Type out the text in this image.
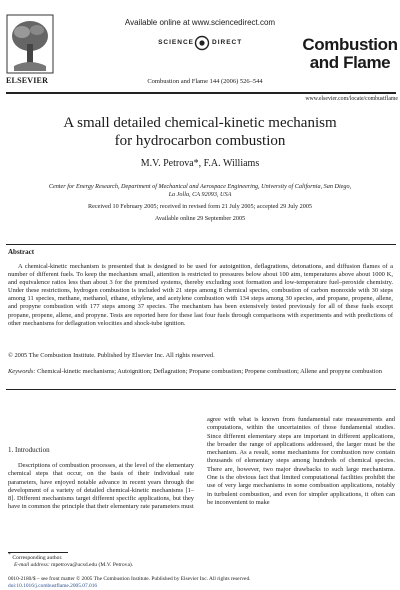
ELSEVIER
Available online at www.sciencedirect.com
SCIENCE	DIRECT
Combustion and Flame 144 (2006) 526–544
Combustion
and Flame
www.elsevier.com/locate/combustflame
A small detailed chemical-kinetic mechanism
for hydrocarbon combustion
M.V. Petrova*, F.A. Williams
Center for Energy Research, Department of Mechanical and Aerospace Engineering, University of California, San Diego,
La Jolla, CA 92093, USA
Received 10 February 2005; received in revised form 21 July 2005; accepted 29 July 2005
Available online 29 September 2005
Abstract

A chemical-kinetic mechanism is presented that is designed to be used for autoignition, deflagrations, detonations, and diffusion flames of a number of different fuels. To keep the mechanism small, attention is restricted to pressures below about 100 atm, temperatures above about 1000 K, and equivalence ratios less than about 3 for the premixed systems, thereby excluding soot formation and low-temperature fuel–peroxide chemistry. Under these restrictions, hydrogen combustion is included with 21 steps among 8 chemical species, combustion of carbon monoxide with 30 steps among 11 species, methane, methanol, ethane, ethylene, and acetylene combustion with 134 steps among 30 species, and propane, propene, allene, and propyne combustion with 177 steps among 37 species. The mechanism has been extensively tested previously for all of these fuels except propane, propene, allene, and propyne. Tests are reported here for these last four fuels through comparisons with experiments and with predictions of other mechanisms for deflagration velocities and shock-tube ignition.

© 2005 The Combustion Institute. Published by Elsevier Inc. All rights reserved.

Keywords: Chemical-kinetic mechanisms; Autoignition; Deflagration; Propane combustion; Propene combustion; Allene and propyne combustion

1. Introduction

Descriptions of combustion processes, at the level of the elementary chemical steps that occur, on the basis of their individual rate parameters, have enjoyed notable advance in recent years through the development of a variety of detailed chemical-kinetic mechanisms [1–8]. Different mechanisms target different specific applications, but they have in common the principle that their elementary rate parameters must

agree with what is known from fundamental rate measurements and computations, within the uncertainties of those fundamental studies. Since different elementary steps are important in different applications, the broader the range of applications addressed, the larger must be the mechanism. As a result, some mechanisms for combustion now contain thousands of elementary steps among hundreds of chemical species. There are, however, two major drawbacks to such large mechanisms. One is the obvious fact that limited computational facilities prohibit the use of very large mechanisms in some combustion applications, notably in turbulent combustion, and even for simpler applications, it often can be inconvenient to make

* Corresponding author.
E-mail address: mpetrova@ucsd.edu (M.V. Petrova).
0010-2180/$ – see front matter © 2005 The Combustion Institute. Published by Elsevier Inc. All rights reserved.
doi:10.1016/j.combustflame.2005.07.016
